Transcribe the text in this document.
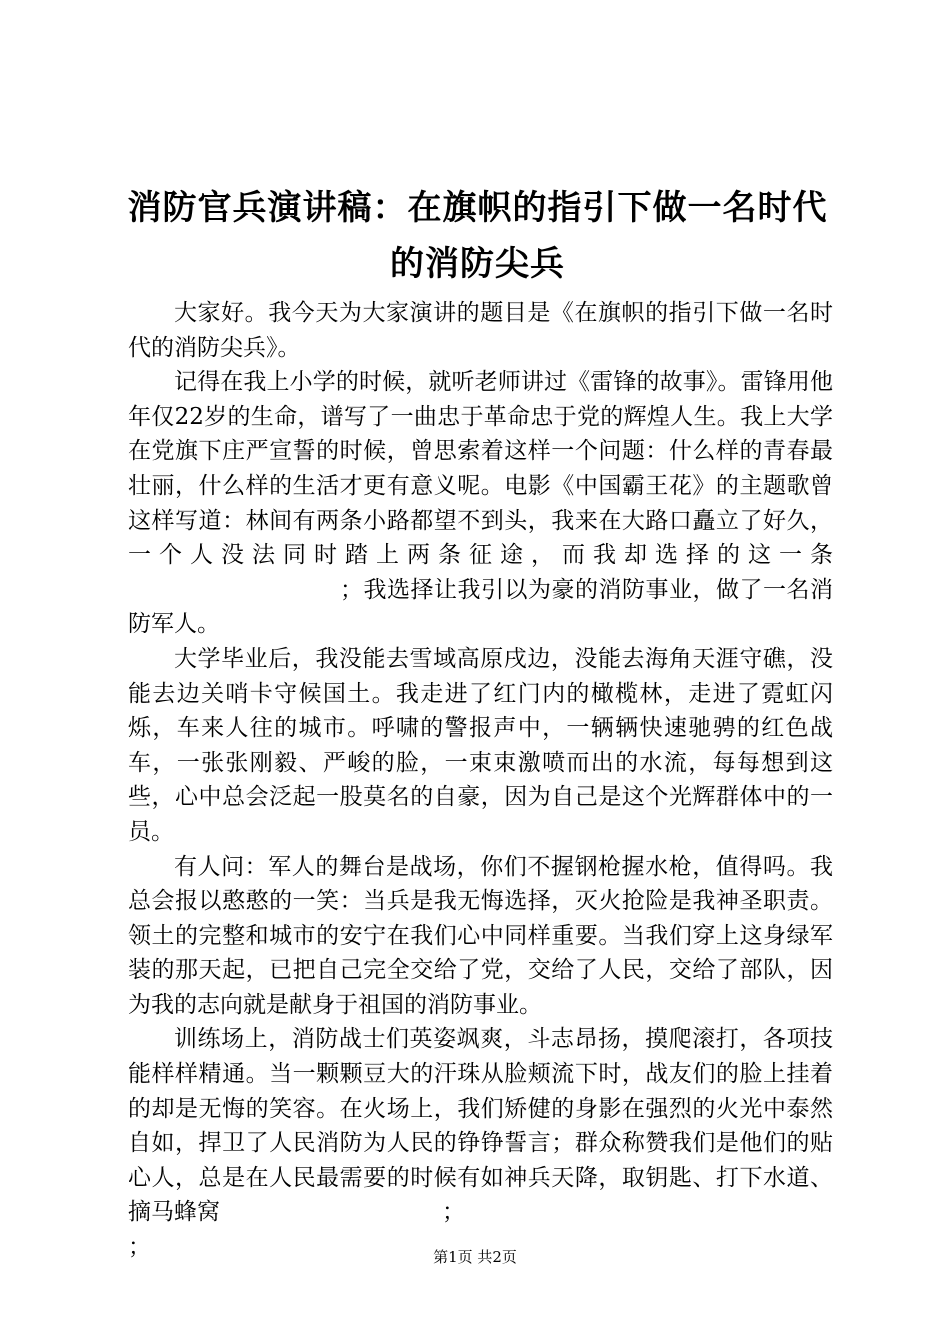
消防官兵演讲稿：在旗帜的指引下做一名时代的消防尖兵

大家好。我今天为大家演讲的题目是《在旗帜的指引下做一名时代的消防尖兵》。

记得在我上小学的时候，就听老师讲过《雷锋的故事》。雷锋用他年仅22岁的生命，谱写了一曲忠于革命忠于党的辉煌人生。我上大学在党旗下庄严宣誓的时候，曾思索着这样一个问题：什么样的青春最壮丽，什么样的生活才更有意义呢。电影《中国霸王花》的主题歌曾这样写道：林间有两条小路都望不到头，我来在大路口矗立了好久，一个人没法同时踏上两条征途，而我却选择的这一条；我选择让我引以为豪的消防事业，做了一名消防军人。

大学毕业后，我没能去雪域高原戌边，没能去海角天涯守礁，没能去边关哨卡守候国土。我走进了红门内的橄榄林，走进了霓虹闪烁，车来人往的城市。呼啸的警报声中，一辆辆快速驰骋的红色战车，一张张刚毅、严峻的脸，一束束激喷而出的水流，每每想到这些，心中总会泛起一股莫名的自豪，因为自己是这个光辉群体中的一员。

有人问：军人的舞台是战场，你们不握钢枪握水枪，值得吗。我总会报以憨憨的一笑：当兵是我无悔选择，灭火抢险是我神圣职责。领土的完整和城市的安宁在我们心中同样重要。当我们穿上这身绿军装的那天起，已把自己完全交给了党，交给了人民，交给了部队，因为我的志向就是献身于祖国的消防事业。

训练场上，消防战士们英姿飒爽，斗志昂扬，摸爬滚打，各项技能样样精通。当一颗颗豆大的汗珠从脸颊流下时，战友们的脸上挂着的却是无悔的笑容。在火场上，我们矫健的身影在强烈的火光中泰然自如，捍卫了人民消防为人民的铮铮誓言；群众称赞我们是他们的贴心人，总是在人民最需要的时候有如神兵天降，取钥匙、打下水道、摘马蜂窝	；

；	第1页 共2页
